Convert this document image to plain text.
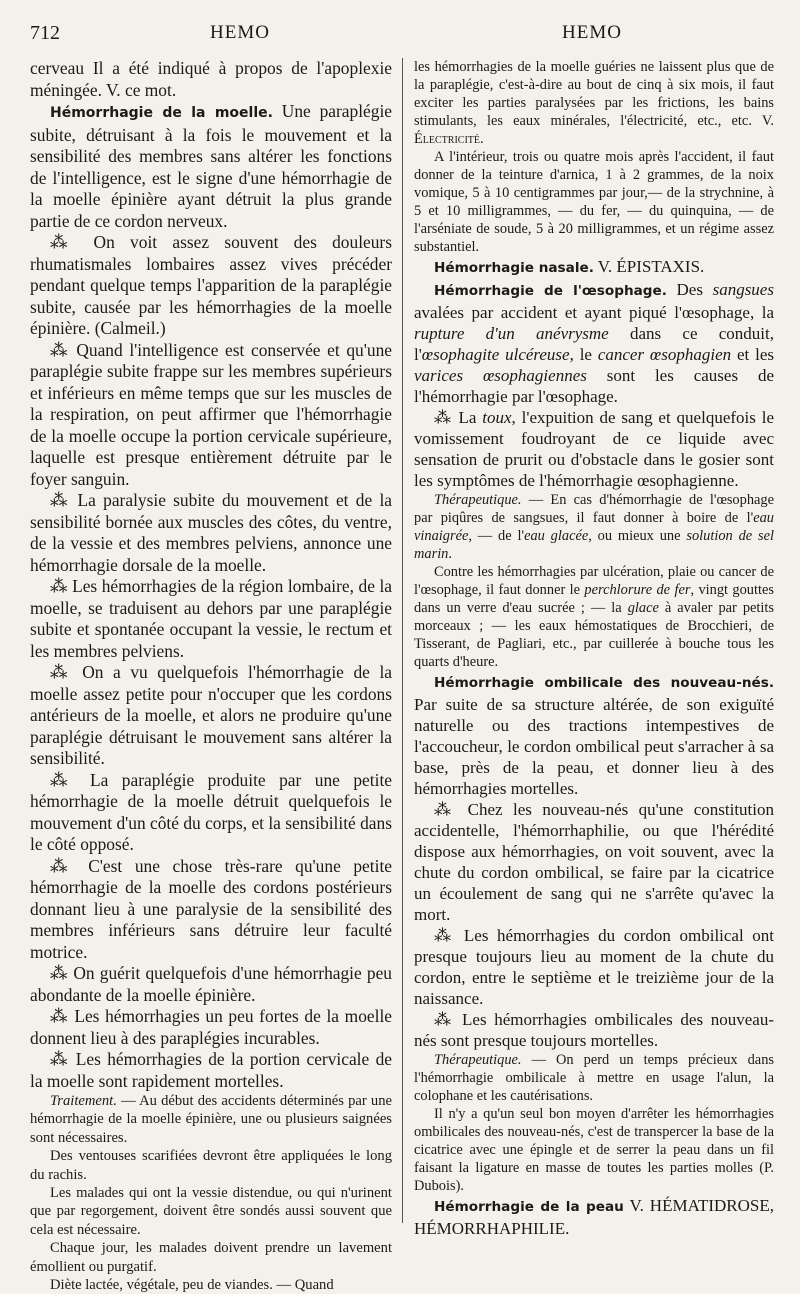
712	HEMO	HEMO

cerveau Il a été indiqué à propos de l'apoplexie méningée. V. ce mot.

Hémorrhagie de la moelle. Une paraplégie subite, détruisant à la fois le mouvement et la sensibilité des membres sans altérer les fonctions de l'intelligence, est le signe d'une hémorrhagie de la moelle épinière ayant détruit la plus grande partie de ce cordon nerveux.

⁂ On voit assez souvent des douleurs rhumatismales lombaires assez vives précéder pendant quelque temps l'apparition de la paraplégie subite, causée par les hémorrhagies de la moelle épinière. (Calmeil.)

⁂ Quand l'intelligence est conservée et qu'une paraplégie subite frappe sur les membres supérieurs et inférieurs en même temps que sur les muscles de la respiration, on peut affirmer que l'hémorrhagie de la moelle occupe la portion cervicale supérieure, laquelle est presque entièrement détruite par le foyer sanguin.

⁂ La paralysie subite du mouvement et de la sensibilité bornée aux muscles des côtes, du ventre, de la vessie et des membres pelviens, annonce une hémorrhagie dorsale de la moelle.

⁂ Les hémorrhagies de la région lombaire, de la moelle, se traduisent au dehors par une paraplégie subite et spontanée occupant la vessie, le rectum et les membres pelviens.

⁂ On a vu quelquefois l'hémorrhagie de la moelle assez petite pour n'occuper que les cordons antérieurs de la moelle, et alors ne produire qu'une paraplégie détruisant le mouvement sans altérer la sensibilité.

⁂ La paraplégie produite par une petite hémorrhagie de la moelle détruit quelquefois le mouvement d'un côté du corps, et la sensibilité dans le côté opposé.

⁂ C'est une chose très-rare qu'une petite hémorrhagie de la moelle des cordons postérieurs donnant lieu à une paralysie de la sensibilité des membres inférieurs sans détruire leur faculté motrice.

⁂ On guérit quelquefois d'une hémorrhagie peu abondante de la moelle épinière.

⁂ Les hémorrhagies un peu fortes de la moelle donnent lieu à des paraplégies incurables.

⁂ Les hémorrhagies de la portion cervicale de la moelle sont rapidement mortelles.

Traitement. — Au début des accidents déterminés par une hémorrhagie de la moelle épinière, une ou plusieurs saignées sont nécessaires.

Des ventouses scarifiées devront être appliquées le long du rachis.

Les malades qui ont la vessie distendue, ou qui n'urinent que par regorgement, doivent être sondés aussi souvent que cela est nécessaire.

Chaque jour, les malades doivent prendre un lavement émollient ou purgatif.

Diète lactée, végétale, peu de viandes. — Quand

les hémorrhagies de la moelle guéries ne laissent plus que de la paraplégie, c'est-à-dire au bout de cinq à six mois, il faut exciter les parties paralysées par les frictions, les bains stimulants, les eaux minérales, l'électricité, etc., etc. V. Électricité.

A l'intérieur, trois ou quatre mois après l'accident, il faut donner de la teinture d'arnica, 1 à 2 grammes, de la noix vomique, 5 à 10 centigrammes par jour,— de la strychnine, à 5 et 10 milligrammes, — du fer, — du quinquina, — de l'arséniate de soude, 5 à 20 milligrammes, et un régime assez substantiel.

Hémorrhagie nasale. V. ÉPISTAXIS.

Hémorrhagie de l'œsophage. Des sangsues avalées par accident et ayant piqué l'œsophage, la rupture d'un anévrysme dans ce conduit, l'œsophagite ulcéreuse, le cancer œsophagien et les varices œsophagiennes sont les causes de l'hémorrhagie par l'œsophage.

⁂ La toux, l'expuition de sang et quelquefois le vomissement foudroyant de ce liquide avec sensation de prurit ou d'obstacle dans le gosier sont les symptômes de l'hémorrhagie œsophagienne.

Thérapeutique. — En cas d'hémorrhagie de l'œsophage par piqûres de sangsues, il faut donner à boire de l'eau vinaigrée, — de l'eau glacée, ou mieux une solution de sel marin.

Contre les hémorrhagies par ulcération, plaie ou cancer de l'œsophage, il faut donner le perchlorure de fer, vingt gouttes dans un verre d'eau sucrée ; — la glace à avaler par petits morceaux ; — les eaux hémostatiques de Brocchieri, de Tisserant, de Pagliari, etc., par cuillerée à bouche tous les quarts d'heure.

Hémorrhagie ombilicale des nouveau-nés. Par suite de sa structure altérée, de son exiguïté naturelle ou des tractions intempestives de l'accoucheur, le cordon ombilical peut s'arracher à sa base, près de la peau, et donner lieu à des hémorrhagies mortelles.

⁂ Chez les nouveau-nés qu'une constitution accidentelle, l'hémorrhaphilie, ou que l'hérédité dispose aux hémorrhagies, on voit souvent, avec la chute du cordon ombilical, se faire par la cicatrice un écoulement de sang qui ne s'arrête qu'avec la mort.

⁂ Les hémorrhagies du cordon ombilical ont presque toujours lieu au moment de la chute du cordon, entre le septième et le treizième jour de la naissance.

⁂ Les hémorrhagies ombilicales des nouveau-nés sont presque toujours mortelles.

Thérapeutique. — On perd un temps précieux dans l'hémorrhagie ombilicale à mettre en usage l'alun, la colophane et les cautérisations.

Il n'y a qu'un seul bon moyen d'arrêter les hémorrhagies ombilicales des nouveau-nés, c'est de transpercer la base de la cicatrice avec une épingle et de serrer la peau dans un fil faisant la ligature en masse de toutes les parties molles (P. Dubois).

Hémorrhagie de la peau V. HÉMATIDROSE, HÉMORRHAPHILIE.
